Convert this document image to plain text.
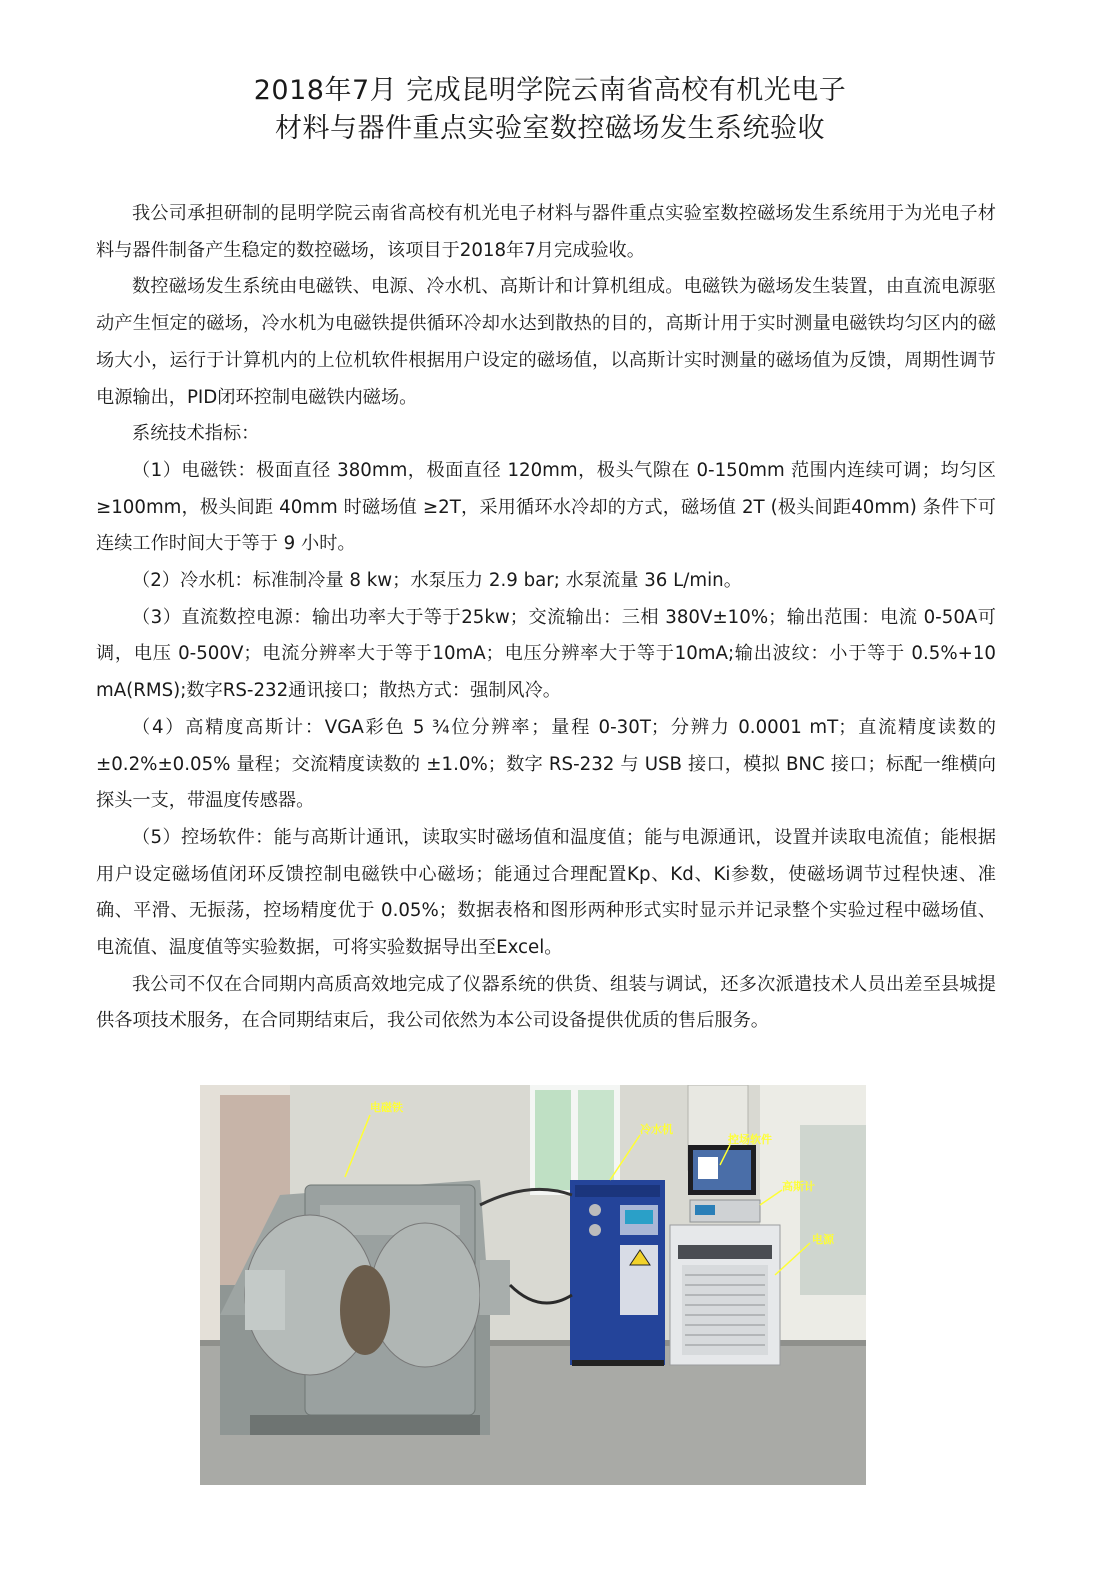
2018年7月 完成昆明学院云南省高校有机光电子
材料与器件重点实验室数控磁场发生系统验收

我公司承担研制的昆明学院云南省高校有机光电子材料与器件重点实验室数控磁场发生系统用于为光电子材料与器件制备产生稳定的数控磁场，该项目于2018年7月完成验收。

数控磁场发生系统由电磁铁、电源、冷水机、高斯计和计算机组成。电磁铁为磁场发生装置，由直流电源驱动产生恒定的磁场，冷水机为电磁铁提供循环冷却水达到散热的目的，高斯计用于实时测量电磁铁均匀区内的磁场大小，运行于计算机内的上位机软件根据用户设定的磁场值，以高斯计实时测量的磁场值为反馈，周期性调节电源输出，PID闭环控制电磁铁内磁场。

系统技术指标：

（1）电磁铁：极面直径 380mm，极面直径 120mm，极头气隙在 0-150mm 范围内连续可调；均匀区 ≥100mm，极头间距 40mm 时磁场值 ≥2T，采用循环水冷却的方式，磁场值 2T (极头间距40mm) 条件下可连续工作时间大于等于 9 小时。

（2）冷水机：标准制冷量 8 kw；水泵压力 2.9 bar; 水泵流量 36 L/min。

（3）直流数控电源：输出功率大于等于25kw；交流输出：三相 380V±10%；输出范围：电流 0-50A可调，电压 0-500V；电流分辨率大于等于10mA；电压分辨率大于等于10mA;输出波纹：小于等于 0.5%+10 mA(RMS);数字RS-232通讯接口；散热方式：强制风冷。

（4）高精度高斯计：VGA彩色 5 ¾位分辨率；量程 0-30T；分辨力 0.0001 mT；直流精度读数的 ±0.2%±0.05% 量程；交流精度读数的 ±1.0%；数字 RS-232 与 USB 接口，模拟 BNC 接口；标配一维横向探头一支，带温度传感器。

（5）控场软件：能与高斯计通讯，读取实时磁场值和温度值；能与电源通讯，设置并读取电流值；能根据用户设定磁场值闭环反馈控制电磁铁中心磁场；能通过合理配置Kp、Kd、Ki参数，使磁场调节过程快速、准确、平滑、无振荡，控场精度优于 0.05%；数据表格和图形两种形式实时显示并记录整个实验过程中磁场值、电流值、温度值等实验数据，可将实验数据导出至Excel。

我公司不仅在合同期内高质高效地完成了仪器系统的供货、组装与调试，还多次派遣技术人员出差至县城提供各项技术服务，在合同期结束后，我公司依然为本公司设备提供优质的售后服务。

电磁铁
冷水机
控场软件
高斯计
电源
